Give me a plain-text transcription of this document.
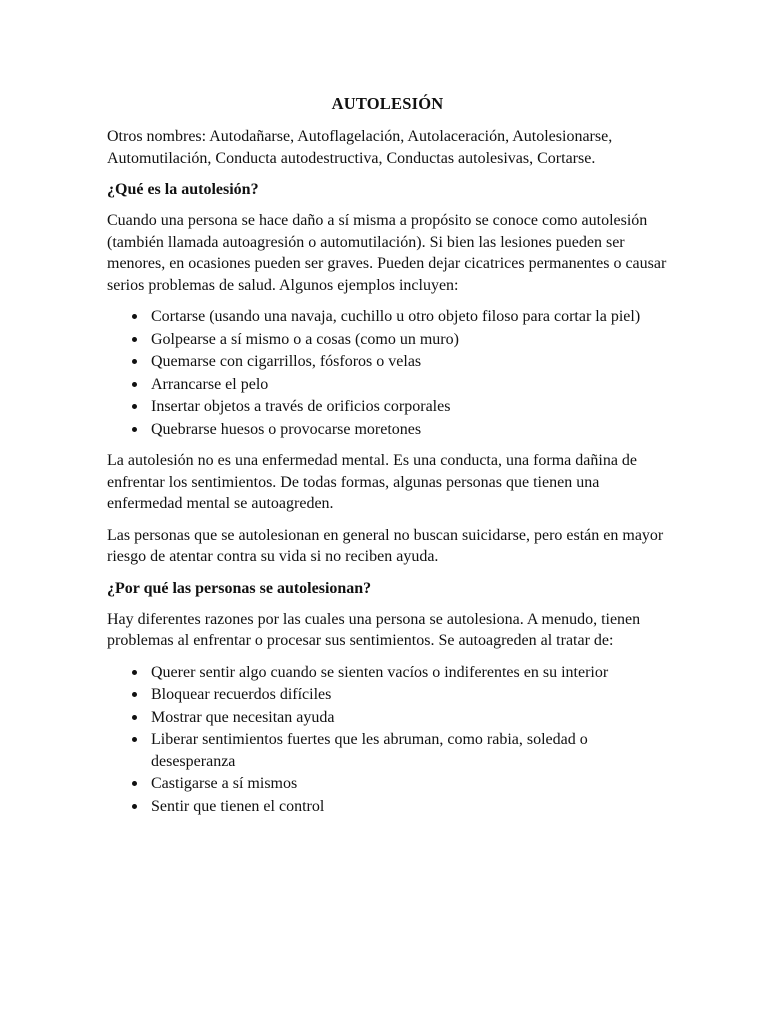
AUTOLESIÓN

Otros nombres: Autodañarse, Autoflagelación, Autolaceración, Autolesionarse, Automutilación, Conducta autodestructiva, Conductas autolesivas, Cortarse.

¿Qué es la autolesión?

Cuando una persona se hace daño a sí misma a propósito se conoce como autolesión (también llamada autoagresión o automutilación). Si bien las lesiones pueden ser menores, en ocasiones pueden ser graves. Pueden dejar cicatrices permanentes o causar serios problemas de salud. Algunos ejemplos incluyen:

Cortarse (usando una navaja, cuchillo u otro objeto filoso para cortar la piel)
Golpearse a sí mismo o a cosas (como un muro)
Quemarse con cigarrillos, fósforos o velas
Arrancarse el pelo
Insertar objetos a través de orificios corporales
Quebrarse huesos o provocarse moretones

La autolesión no es una enfermedad mental. Es una conducta, una forma dañina de enfrentar los sentimientos. De todas formas, algunas personas que tienen una enfermedad mental se autoagreden.

Las personas que se autolesionan en general no buscan suicidarse, pero están en mayor riesgo de atentar contra su vida si no reciben ayuda.

¿Por qué las personas se autolesionan?

Hay diferentes razones por las cuales una persona se autolesiona. A menudo, tienen problemas al enfrentar o procesar sus sentimientos. Se autoagreden al tratar de:

Querer sentir algo cuando se sienten vacíos o indiferentes en su interior
Bloquear recuerdos difíciles
Mostrar que necesitan ayuda
Liberar sentimientos fuertes que les abruman, como rabia, soledad o desesperanza
Castigarse a sí mismos
Sentir que tienen el control
